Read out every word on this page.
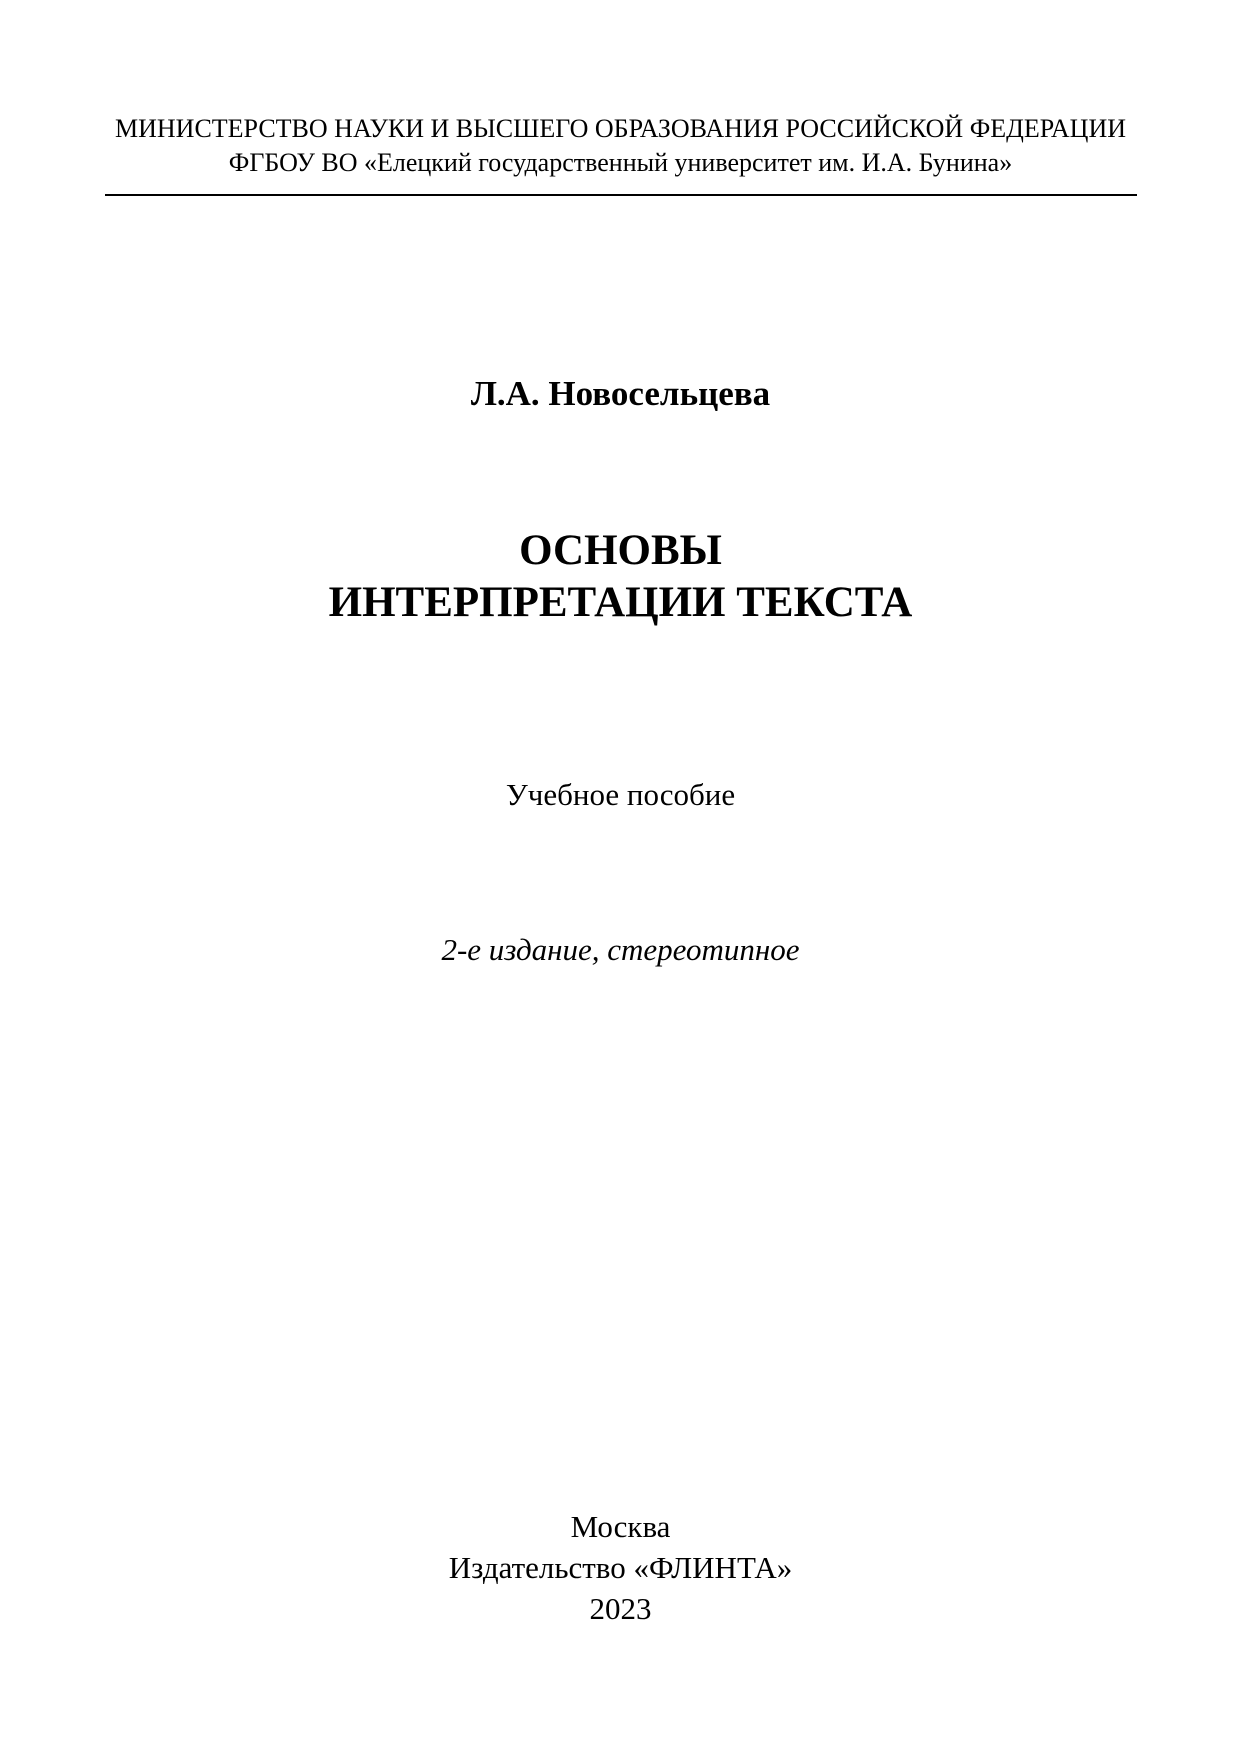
МИНИСТЕРСТВО НАУКИ И ВЫСШЕГО ОБРАЗОВАНИЯ РОССИЙСКОЙ ФЕДЕРАЦИИ
ФГБОУ ВО «Елецкий государственный университет им. И.А. Бунина»
Л.А. Новосельцева
ОСНОВЫ
ИНТЕРПРЕТАЦИИ ТЕКСТА
Учебное пособие
2-е издание, стереотипное
Москва
Издательство «ФЛИНТА»
2023
